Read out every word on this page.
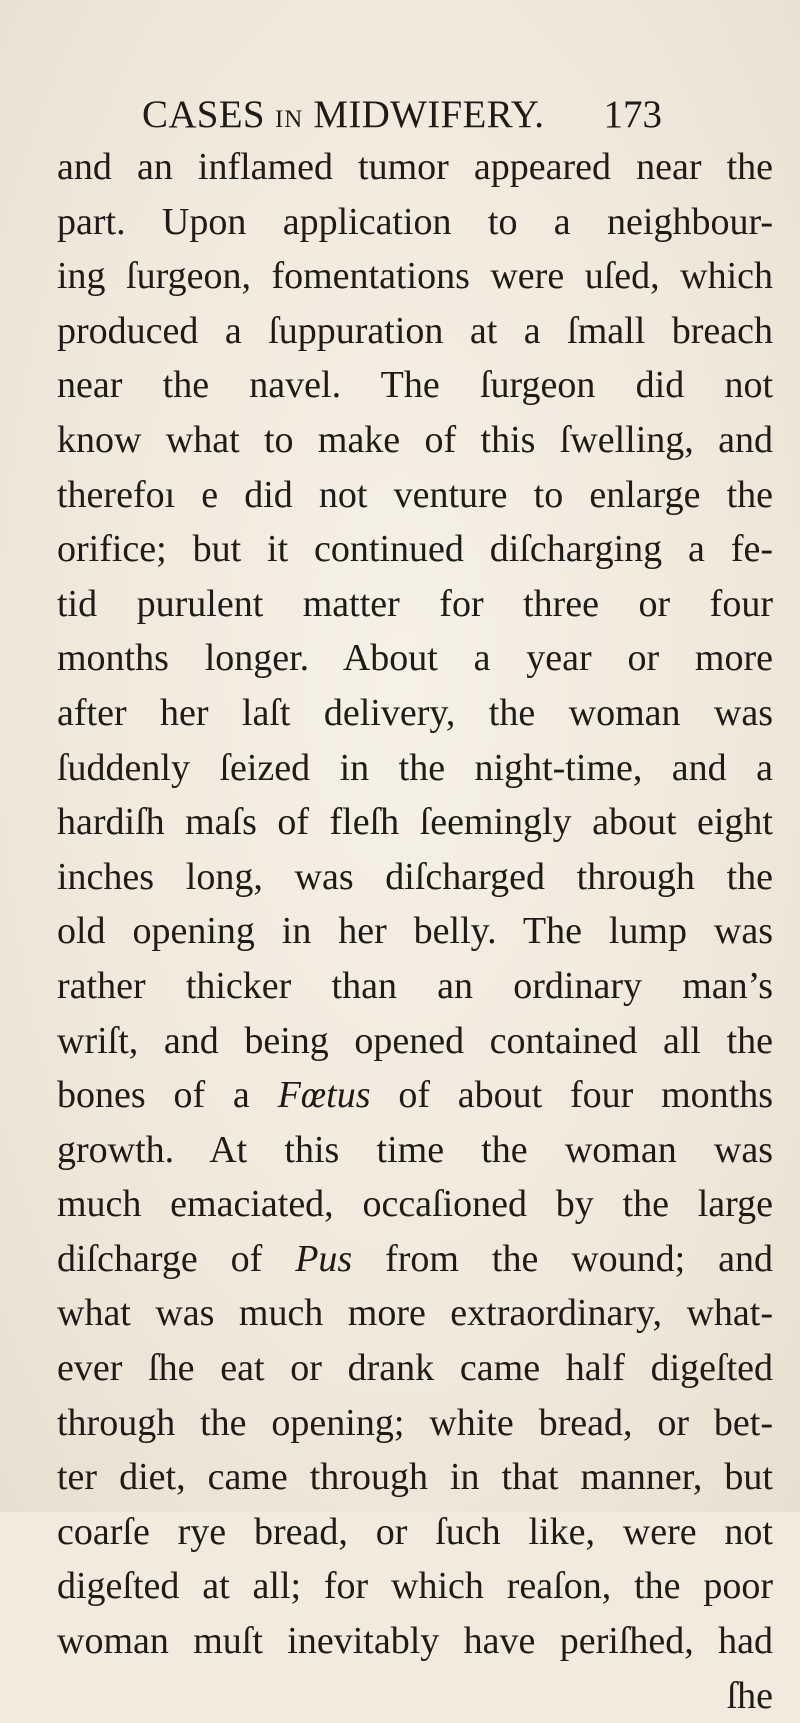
CASES IN MIDWIFERY. 173
and an inflamed tumor appeared near the
part. Upon application to a neighbour-
ing ſurgeon, fomentations were uſed, which
produced a ſuppuration at a ſmall breach
near the navel. The ſurgeon did not
know what to make of this ſwelling, and
therefoı e did not venture to enlarge the
orifice; but it continued diſcharging a fe-
tid purulent matter for three or four
months longer. About a year or more
after her laſt delivery, the woman was
ſuddenly ſeized in the night-time, and a
hardiſh maſs of fleſh ſeemingly about eight
inches long, was diſcharged through the
old opening in her belly. The lump was
rather thicker than an ordinary man’s
wriſt, and being opened contained all the
bones of a Fœtus of about four months
growth. At this time the woman was
much emaciated, occaſioned by the large
diſcharge of Pus from the wound; and
what was much more extraordinary, what-
ever ſhe eat or drank came half digeſted
through the opening; white bread, or bet-
ter diet, came through in that manner, but
coarſe rye bread, or ſuch like, were not
digeſted at all; for which reaſon, the poor
woman muſt inevitably have periſhed, had
ſhe
